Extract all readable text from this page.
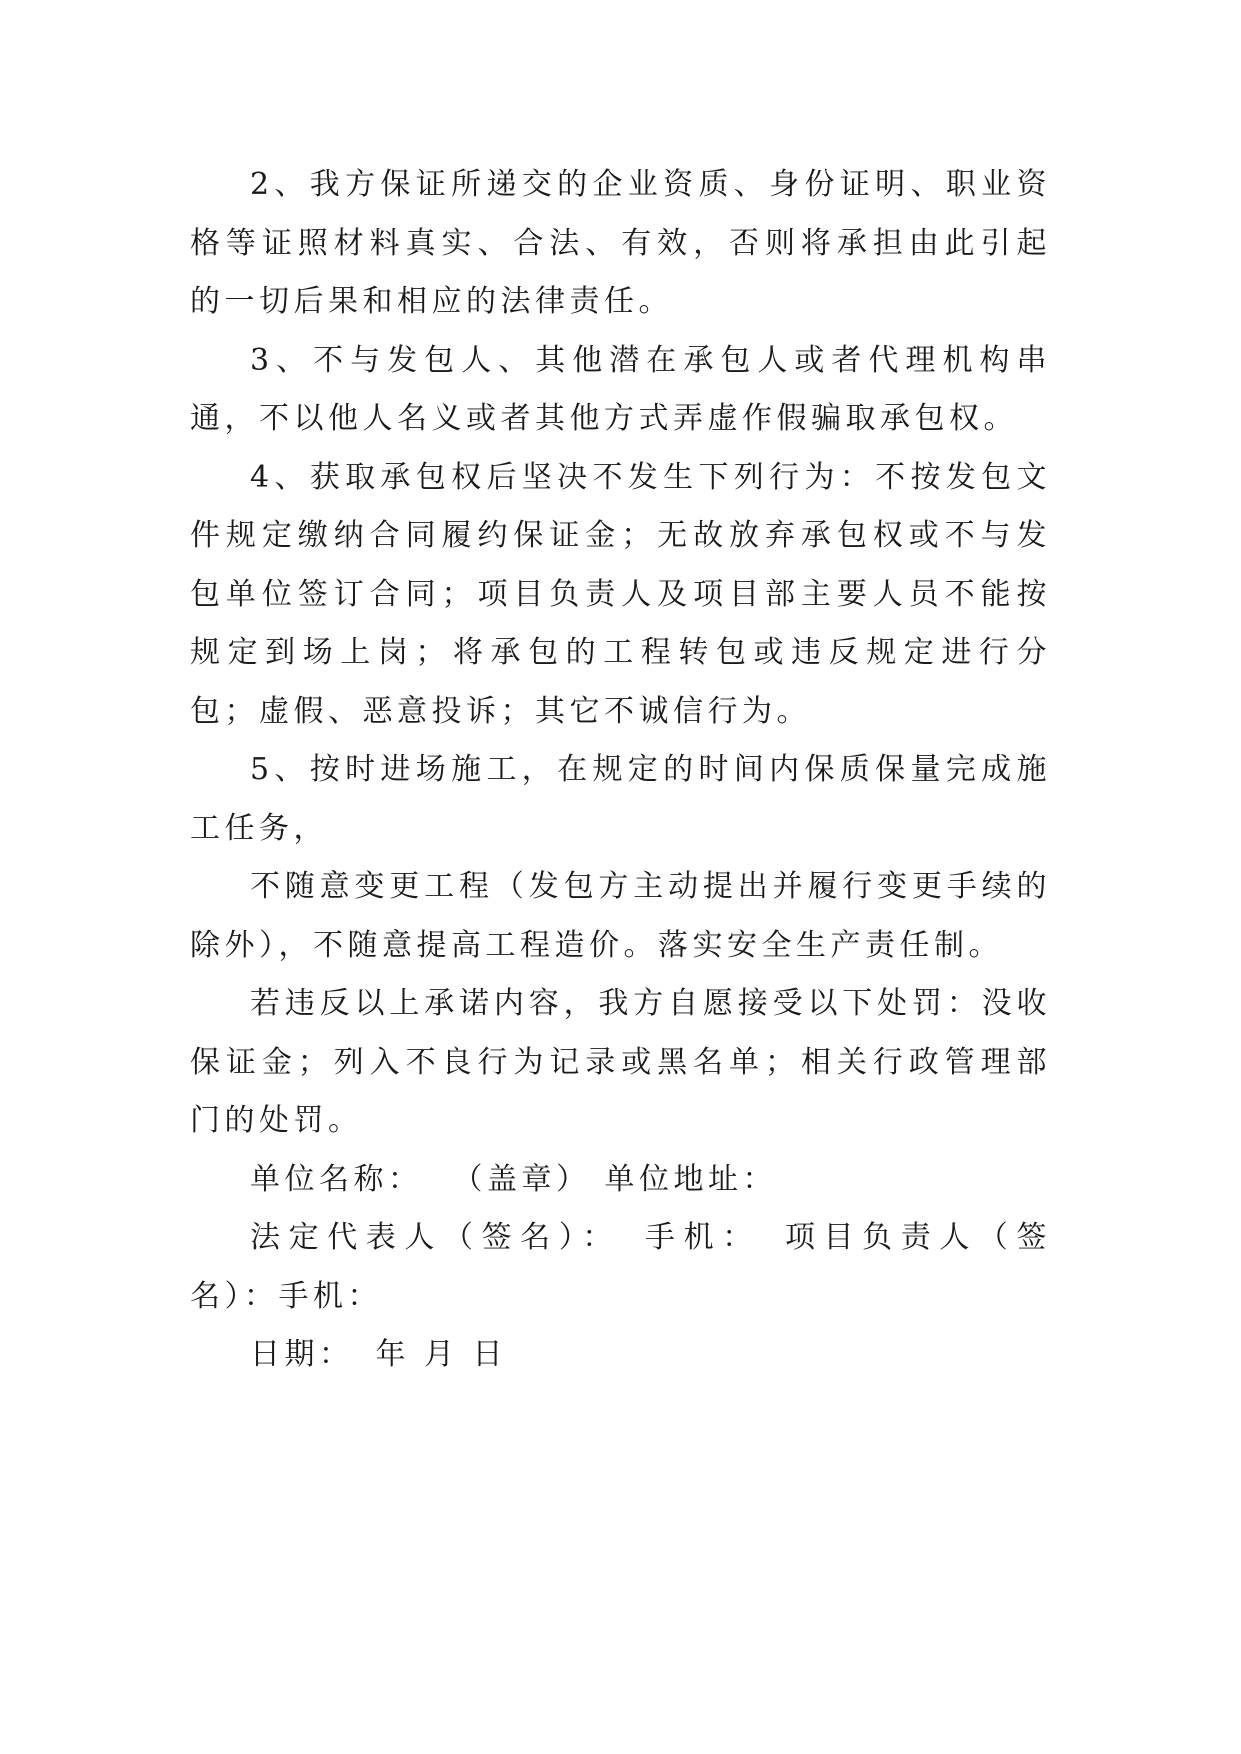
2、我方保证所递交的企业资质、身份证明、职业资格等证照材料真实、合法、有效，否则将承担由此引起的一切后果和相应的法律责任。

3、不与发包人、其他潜在承包人或者代理机构串通，不以他人名义或者其他方式弄虚作假骗取承包权。

4、获取承包权后坚决不发生下列行为：不按发包文件规定缴纳合同履约保证金；无故放弃承包权或不与发包单位签订合同；项目负责人及项目部主要人员不能按规定到场上岗；将承包的工程转包或违反规定进行分包；虚假、恶意投诉；其它不诚信行为。

5、按时进场施工，在规定的时间内保质保量完成施工任务，

不随意变更工程（发包方主动提出并履行变更手续的除外），不随意提高工程造价。落实安全生产责任制。

若违反以上承诺内容，我方自愿接受以下处罚：没收保证金；列入不良行为记录或黑名单；相关行政管理部门的处罚。

单位名称： （盖章） 单位地址：

法定代表人（签名）： 手机： 项目负责人（签名）：手机：

日期： 年 月 日
